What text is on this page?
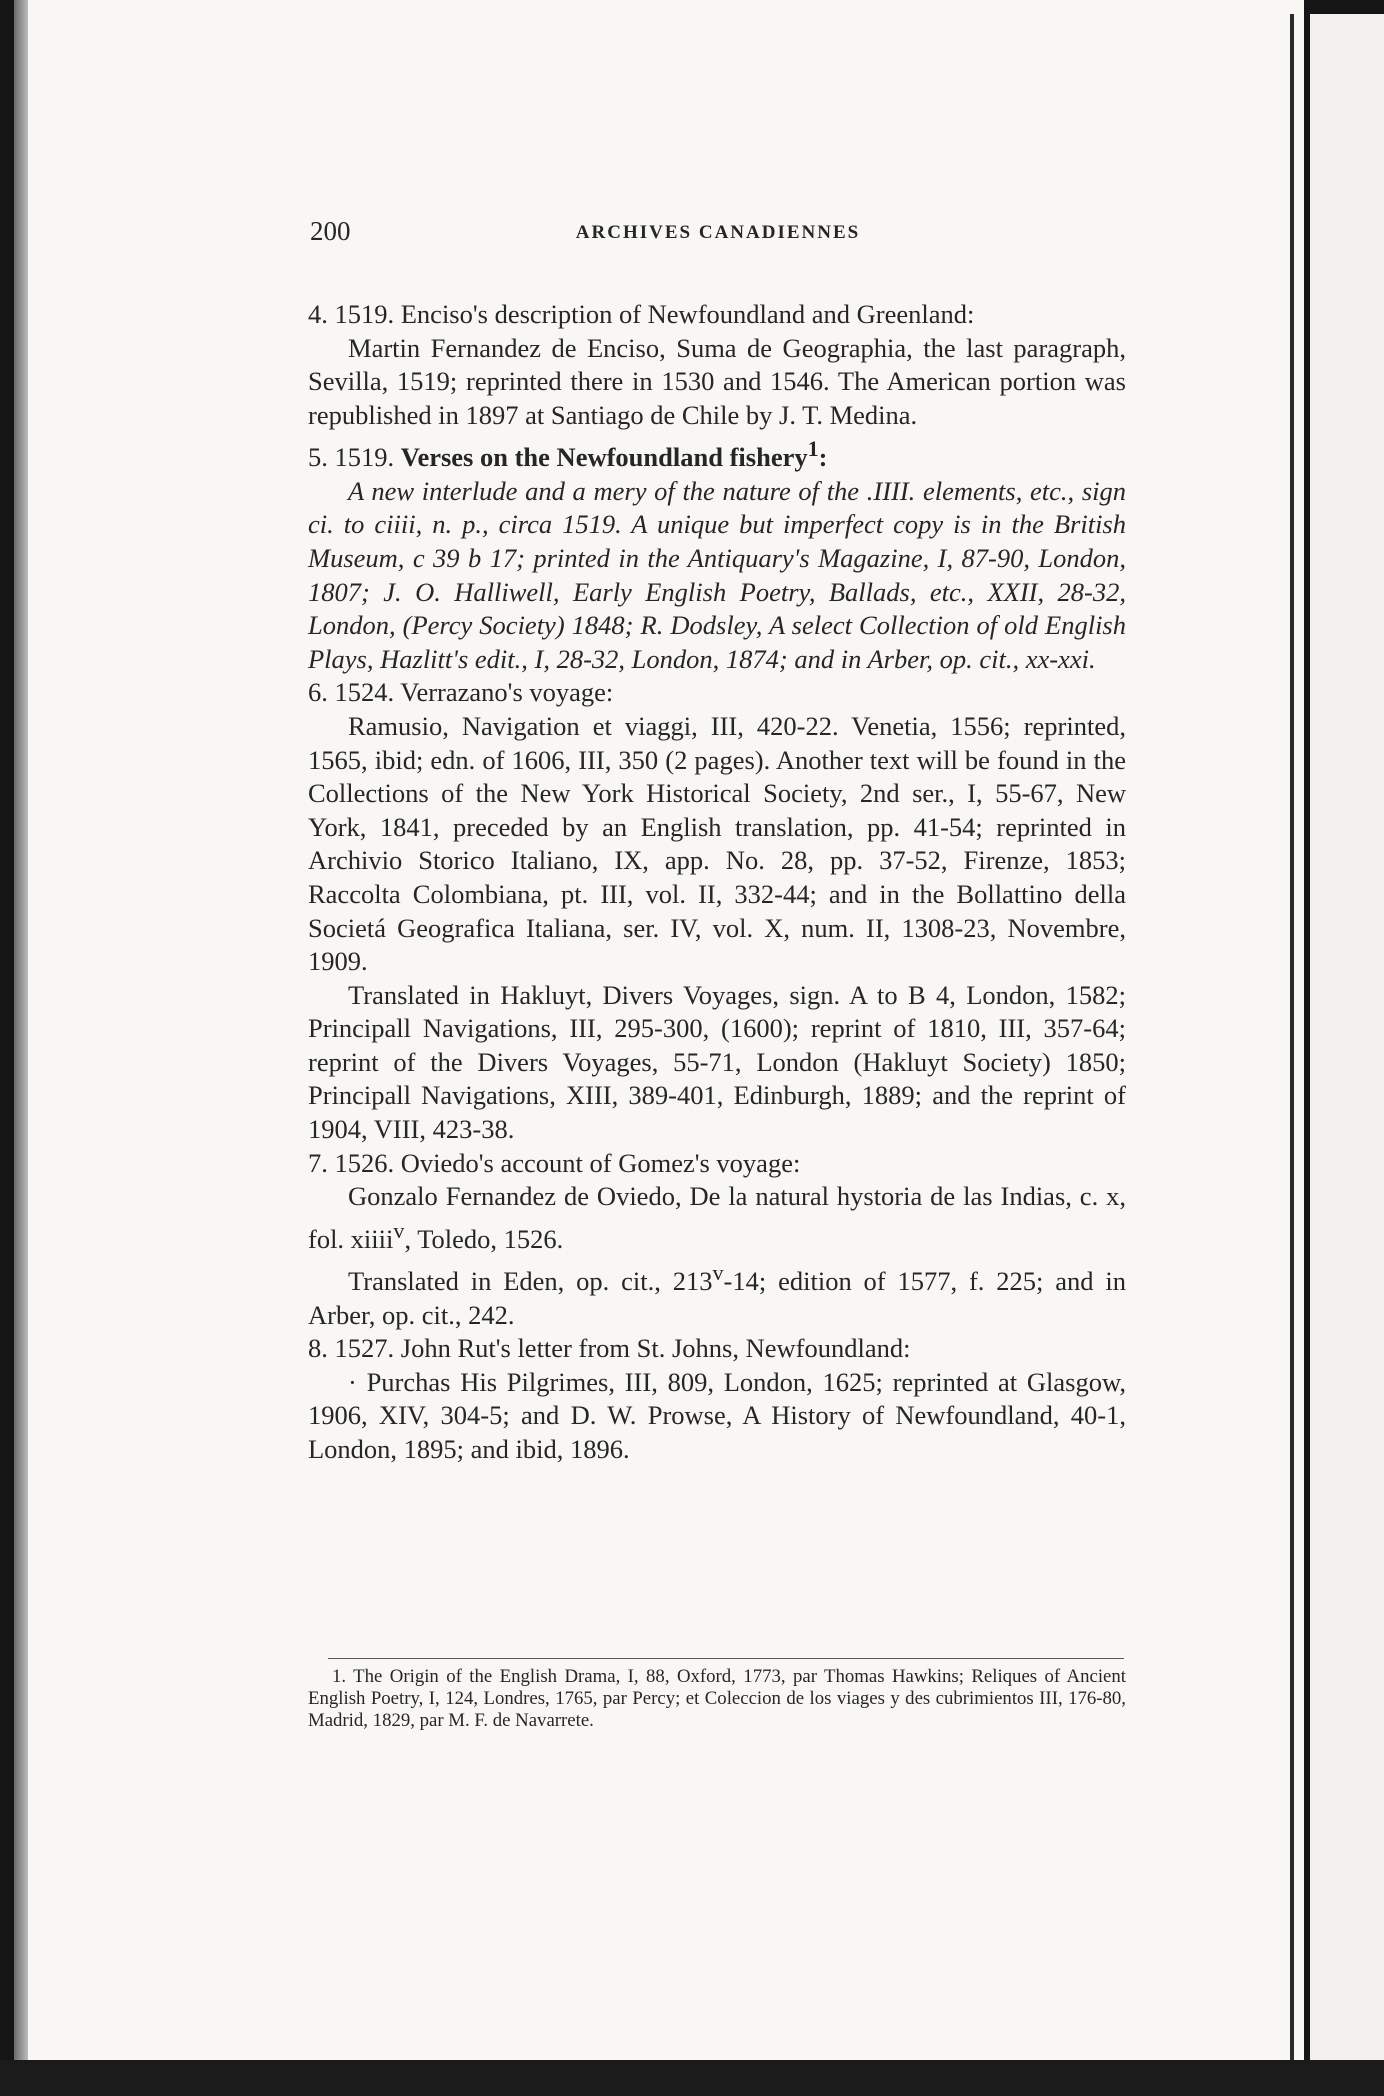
200	ARCHIVES CANADIENNES

4. 1519. Enciso's description of Newfoundland and Greenland:

Martin Fernandez de Enciso, Suma de Geographia, the last paragraph, Sevilla, 1519; reprinted there in 1530 and 1546. The American portion was republished in 1897 at Santiago de Chile by J. T. Medina.

5. 1519. Verses on the Newfoundland fishery$^1$:

A new interlude and a mery of the nature of the .IIII. elements, etc., sign ci. to ciiii, n. p., circa 1519. A unique but imperfect copy is in the British Museum, c 39 b 17; printed in the Antiquary's Magazine, I, 87-90, London, 1807; J. O. Halliwell, Early English Poetry, Ballads, etc., XXII, 28-32, London, (Percy Society) 1848; R. Dodsley, A select Collection of old English Plays, Hazlitt's edit., I, 28-32, London, 1874; and in Arber, op. cit., xx-xxi.

6. 1524. Verrazano's voyage:

Ramusio, Navigation et viaggi, III, 420-22. Venetia, 1556; reprinted, 1565, ibid; edn. of 1606, III, 350 (2 pages). Another text will be found in the Collections of the New York Historical Society, 2nd ser., I, 55-67, New York, 1841, preceded by an English translation, pp. 41-54; reprinted in Archivio Storico Italiano, IX, app. No. 28, pp. 37-52, Firenze, 1853; Raccolta Colombiana, pt. III, vol. II, 332-44; and in the Bollattino della Societá Geografica Italiana, ser. IV, vol. X, num. II, 1308-23, Novembre, 1909.

Translated in Hakluyt, Divers Voyages, sign. A to B 4, London, 1582; Principall Navigations, III, 295-300, (1600); reprint of 1810, III, 357-64; reprint of the Divers Voyages, 55-71, London (Hakluyt Society) 1850; Principall Navigations, XIII, 389-401, Edinburgh, 1889; and the reprint of 1904, VIII, 423-38.

7. 1526. Oviedo's account of Gomez's voyage:

Gonzalo Fernandez de Oviedo, De la natural hystoria de las Indias, c. x, fol. xiiii$^v$, Toledo, 1526.

Translated in Eden, op. cit., 213$^v$-14; edition of 1577, f. 225; and in Arber, op. cit., 242.

8. 1527. John Rut's letter from St. Johns, Newfoundland:

· Purchas His Pilgrimes, III, 809, London, 1625; reprinted at Glasgow, 1906, XIV, 304-5; and D. W. Prowse, A History of Newfoundland, 40-1, London, 1895; and ibid, 1896.

1. The Origin of the English Drama, I, 88, Oxford, 1773, par Thomas Hawkins; Reliques of Ancient English Poetry, I, 124, Londres, 1765, par Percy; et Coleccion de los viages y des cubrimientos III, 176-80, Madrid, 1829, par M. F. de Navarrete.
